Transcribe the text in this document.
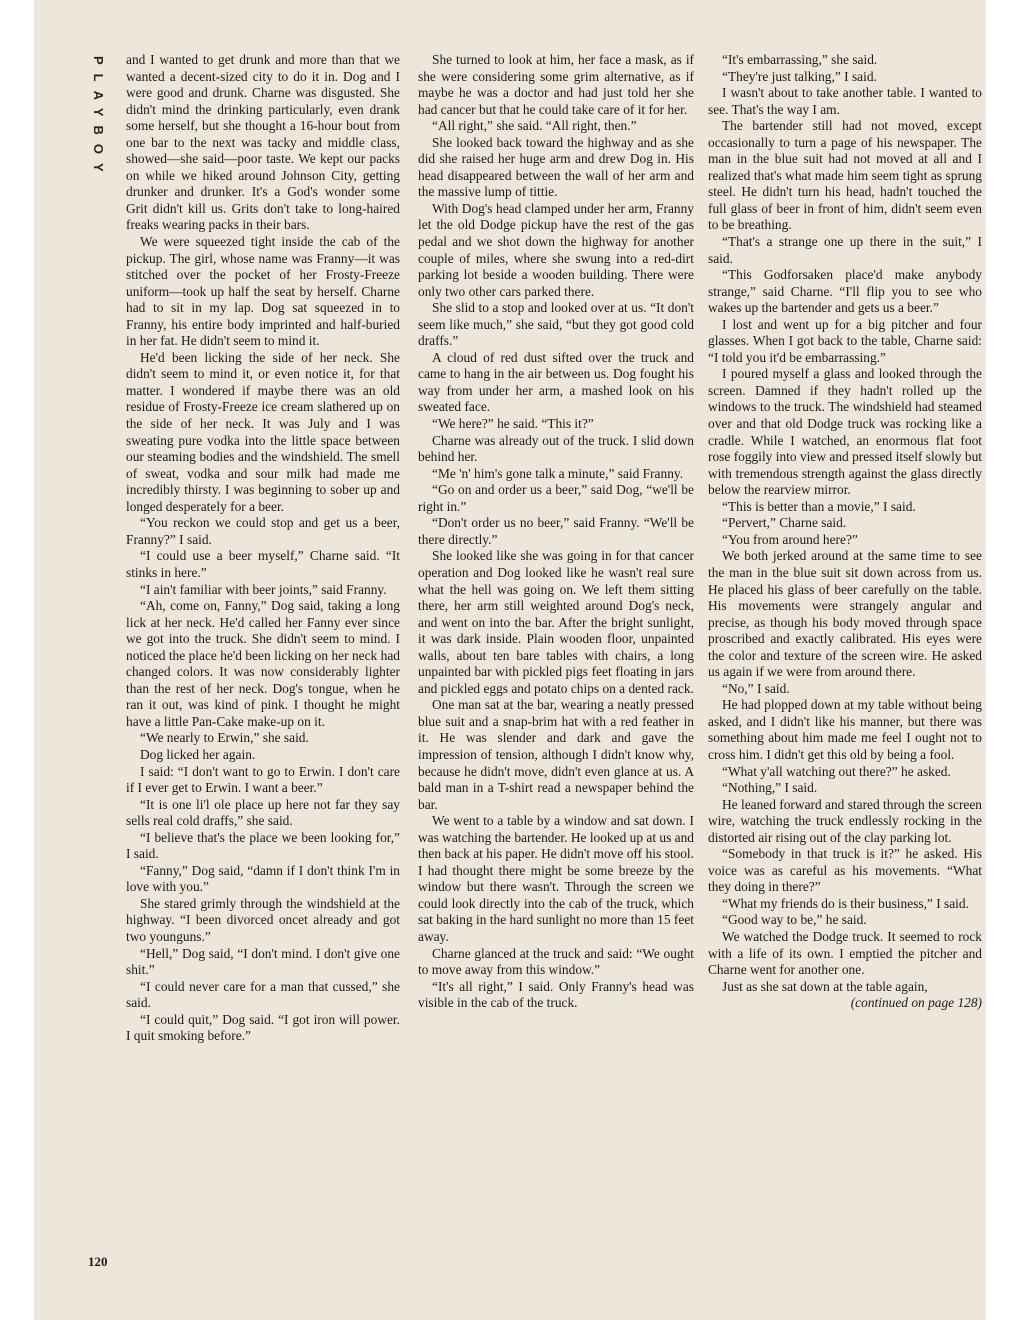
PLAYBOY and I wanted to get drunk and more than that we wanted a decent-sized city to do it in. Dog and I were good and drunk. Charne was disgusted. She didn't mind the drinking particularly, even drank some herself, but she thought a 16-hour bout from one bar to the next was tacky and middle class, showed—she said—poor taste. We kept our packs on while we hiked around Johnson City, getting drunker and drunker. It's a God's wonder some Grit didn't kill us. Grits don't take to long-haired freaks wearing packs in their bars.

We were squeezed tight inside the cab of the pickup. The girl, whose name was Franny—it was stitched over the pocket of her Frosty-Freeze uniform—took up half the seat by herself. Charne had to sit in my lap. Dog sat squeezed in to Franny, his entire body imprinted and half-buried in her fat. He didn't seem to mind it.

He'd been licking the side of her neck. She didn't seem to mind it, or even notice it, for that matter. I wondered if maybe there was an old residue of Frosty-Freeze ice cream slathered up on the side of her neck. It was July and I was sweating pure vodka into the little space between our steaming bodies and the windshield. The smell of sweat, vodka and sour milk had made me incredibly thirsty. I was beginning to sober up and longed desperately for a beer.

“You reckon we could stop and get us a beer, Franny?” I said.

“I could use a beer myself,” Charne said. “It stinks in here.”

“I ain't familiar with beer joints,” said Franny.

“Ah, come on, Fanny,” Dog said, taking a long lick at her neck. He'd called her Fanny ever since we got into the truck. She didn't seem to mind. I noticed the place he'd been licking on her neck had changed colors. It was now considerably lighter than the rest of her neck. Dog's tongue, when he ran it out, was kind of pink. I thought he might have a little Pan-Cake make-up on it.

“We nearly to Erwin,” she said.

Dog licked her again.

I said: “I don't want to go to Erwin. I don't care if I ever get to Erwin. I want a beer.”

“It is one li'l ole place up here not far they say sells real cold draffs,” she said.

“I believe that's the place we been looking for,” I said.

“Fanny,” Dog said, “damn if I don't think I'm in love with you.”

She stared grimly through the windshield at the highway. “I been divorced oncet already and got two younguns.”

“Hell,” Dog said, “I don't mind. I don't give one shit.”

“I could never care for a man that cussed,” she said.

“I could quit,” Dog said. “I got iron will power. I quit smoking before.”

She turned to look at him, her face a mask, as if she were considering some grim alternative, as if maybe he was a doctor and had just told her she had cancer but that he could take care of it for her.

“All right,” she said. “All right, then.”

She looked back toward the highway and as she did she raised her huge arm and drew Dog in. His head disappeared between the wall of her arm and the massive lump of tittie.

With Dog's head clamped under her arm, Franny let the old Dodge pickup have the rest of the gas pedal and we shot down the highway for another couple of miles, where she swung into a red-dirt parking lot beside a wooden building. There were only two other cars parked there.

She slid to a stop and looked over at us. “It don't seem like much,” she said, “but they got good cold draffs.”

A cloud of red dust sifted over the truck and came to hang in the air between us. Dog fought his way from under her arm, a mashed look on his sweated face.

“We here?” he said. “This it?”

Charne was already out of the truck. I slid down behind her.

“Me 'n' him's gone talk a minute,” said Franny.

“Go on and order us a beer,” said Dog, “we'll be right in.”

“Don't order us no beer,” said Franny. “We'll be there directly.”

She looked like she was going in for that cancer operation and Dog looked like he wasn't real sure what the hell was going on. We left them sitting there, her arm still weighted around Dog's neck, and went on into the bar. After the bright sunlight, it was dark inside. Plain wooden floor, unpainted walls, about ten bare tables with chairs, a long unpainted bar with pickled pigs feet floating in jars and pickled eggs and potato chips on a dented rack.

One man sat at the bar, wearing a neatly pressed blue suit and a snap-brim hat with a red feather in it. He was slender and dark and gave the impression of tension, although I didn't know why, because he didn't move, didn't even glance at us. A bald man in a T-shirt read a newspaper behind the bar.

We went to a table by a window and sat down. I was watching the bartender. He looked up at us and then back at his paper. He didn't move off his stool. I had thought there might be some breeze by the window but there wasn't. Through the screen we could look directly into the cab of the truck, which sat baking in the hard sunlight no more than 15 feet away.

Charne glanced at the truck and said: “We ought to move away from this window.”

“It's all right,” I said. Only Franny's head was visible in the cab of the truck.

“It's embarrassing,” she said.

“They're just talking,” I said.

I wasn't about to take another table. I wanted to see. That's the way I am.

The bartender still had not moved, except occasionally to turn a page of his newspaper. The man in the blue suit had not moved at all and I realized that's what made him seem tight as sprung steel. He didn't turn his head, hadn't touched the full glass of beer in front of him, didn't seem even to be breathing.

“That's a strange one up there in the suit,” I said.

“This Godforsaken place'd make anybody strange,” said Charne. “I'll flip you to see who wakes up the bartender and gets us a beer.”

I lost and went up for a big pitcher and four glasses. When I got back to the table, Charne said: “I told you it'd be embarrassing.”

I poured myself a glass and looked through the screen. Damned if they hadn't rolled up the windows to the truck. The windshield had steamed over and that old Dodge truck was rocking like a cradle. While I watched, an enormous flat foot rose foggily into view and pressed itself slowly but with tremendous strength against the glass directly below the rearview mirror.

“This is better than a movie,” I said.

“Pervert,” Charne said.

“You from around here?”

We both jerked around at the same time to see the man in the blue suit sit down across from us. He placed his glass of beer carefully on the table. His movements were strangely angular and precise, as though his body moved through space proscribed and exactly calibrated. His eyes were the color and texture of the screen wire. He asked us again if we were from around there.

“No,” I said.

He had plopped down at my table without being asked, and I didn't like his manner, but there was something about him made me feel I ought not to cross him. I didn't get this old by being a fool.

“What y'all watching out there?” he asked.

“Nothing,” I said.

He leaned forward and stared through the screen wire, watching the truck endlessly rocking in the distorted air rising out of the clay parking lot.

“Somebody in that truck is it?” he asked. His voice was as careful as his movements. “What they doing in there?”

“What my friends do is their business,” I said.

“Good way to be,” he said.

We watched the Dodge truck. It seemed to rock with a life of its own. I emptied the pitcher and Charne went for another one.

Just as she sat down at the table again,

(continued on page 128)

120
